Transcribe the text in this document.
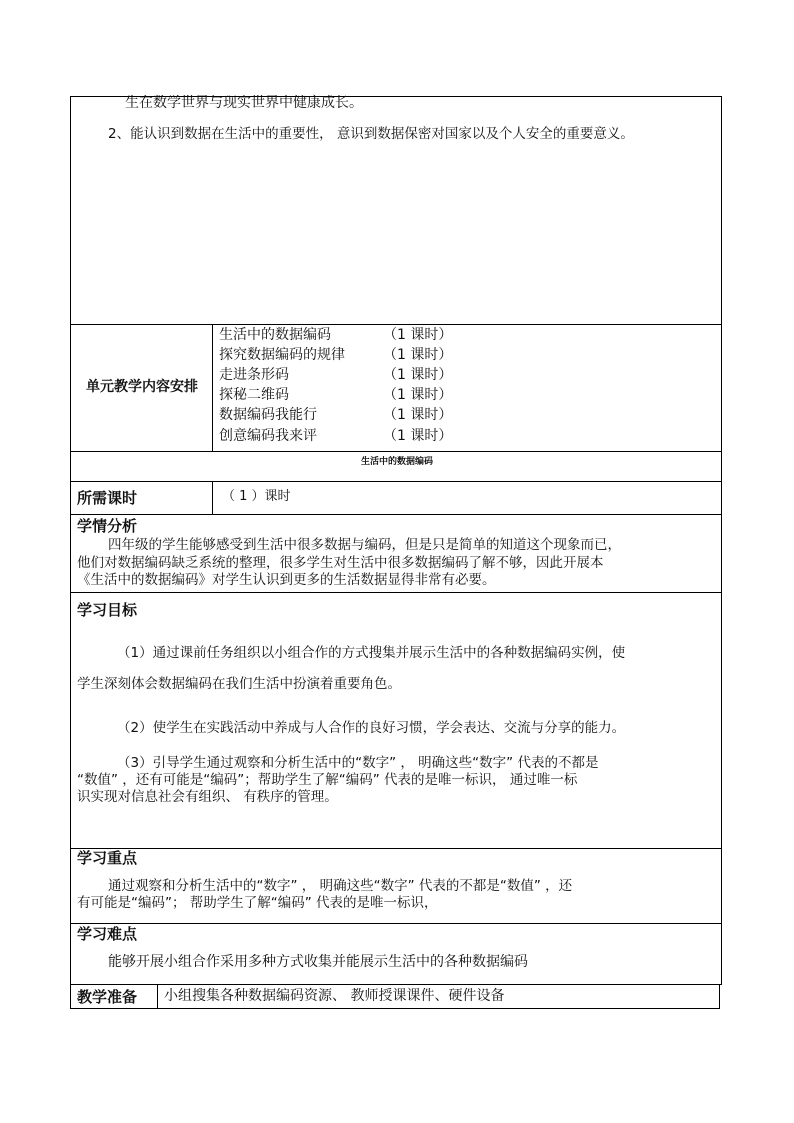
生在数学世界与现实世界中健康成长。
2、能认识到数据在生活中的重要性， 意识到数据保密对国家以及个人安全的重要意义。
单元教学内容安排
生活中的数据编码	（1 课时）
探究数据编码的规律	（1 课时）
走进条形码	（1 课时）
探秘二维码	（1 课时）
数据编码我能行	（1 课时）
创意编码我来评	（1 课时）
生活中的数据编码
所需课时	（ 1 ）课时
学情分析
四年级的学生能够感受到生活中很多数据与编码，但是只是简单的知道这个现象而已，
他们对数据编码缺乏系统的整理，很多学生对生活中很多数据编码了解不够，因此开展本
《生活中的数据编码》对学生认识到更多的生活数据显得非常有必要。
学习目标
（1）通过课前任务组织以小组合作的方式搜集并展示生活中的各种数据编码实例，使
学生深刻体会数据编码在我们生活中扮演着重要角色。
（2）使学生在实践活动中养成与人合作的良好习惯，学会表达、交流与分享的能力。
（3）引导学生通过观察和分析生活中的“数字” ， 明确这些“数字” 代表的不都是
“数值” ，还有可能是“编码”；帮助学生了解“编码” 代表的是唯一标识， 通过唯一标
识实现对信息社会有组织、 有秩序的管理。
学习重点
通过观察和分析生活中的“数字” ， 明确这些“数字” 代表的不都是“数值” ，还
有可能是“编码”； 帮助学生了解“编码” 代表的是唯一标识，
学习难点
能够开展小组合作采用多种方式收集并能展示生活中的各种数据编码
教学准备 小组搜集各种数据编码资源、 教师授课课件、硬件设备
